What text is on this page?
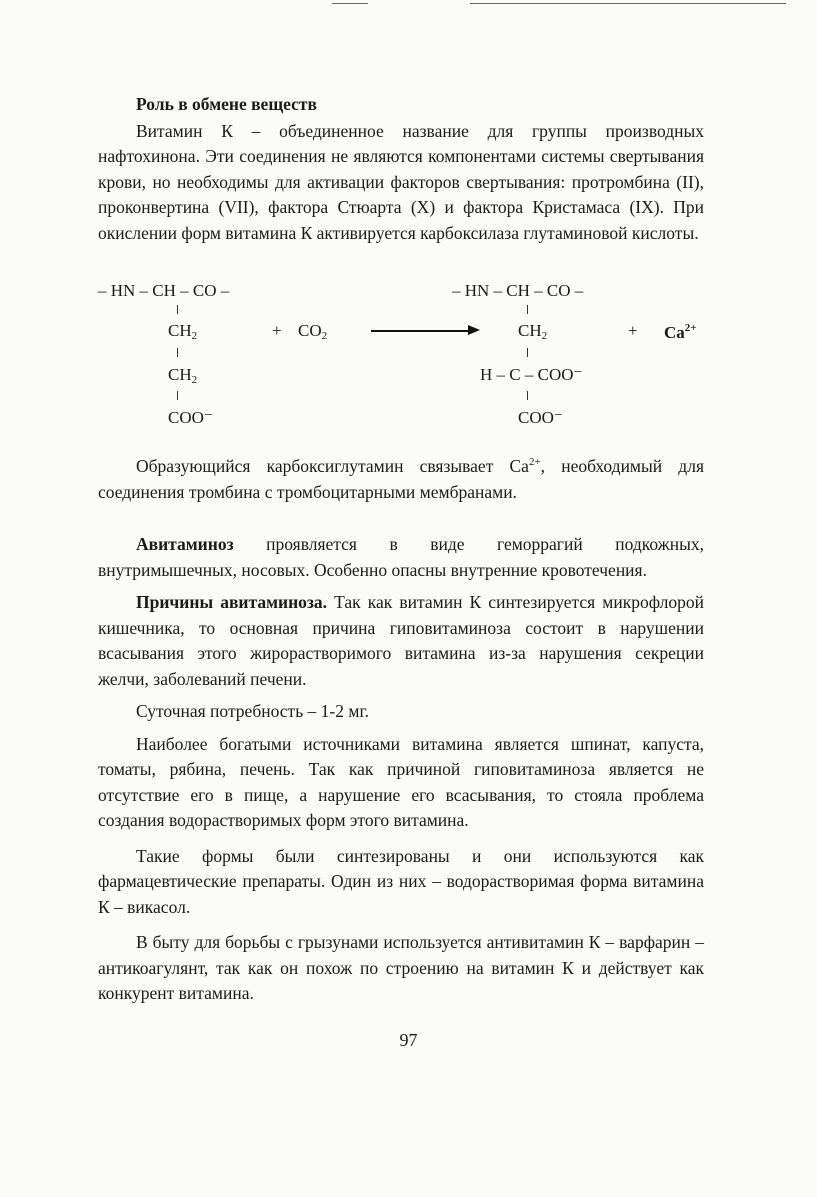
Роль в обмене веществ

Витамин К – объединенное название для группы производных нафтохинона. Эти соединения не являются компонентами системы свертывания крови, но необходимы для активации факторов свертывания: протромбина (II), проконвертина (VII), фактора Стюарта (X) и фактора Кристамаса (IX). При окислении форм витамина К активируется карбоксилаза глутаминовой кислоты.

– HN – CH – CO –
$CH_2$
$CH_2$
COO⁻
+ $CO_2$
– HN – CH – CO –
$CH_2$
H – C – COO⁻
COO⁻
+ $Ca^{2+}$

Образующийся карбоксиглутамин связывает $Ca^{2+}$, необходимый для соединения тромбина с тромбоцитарными мембранами.

Авитаминоз проявляется в виде геморрагий подкожных, внутримышечных, носовых. Особенно опасны внутренние кровотечения.

Причины авитаминоза. Так как витамин К синтезируется микрофлорой кишечника, то основная причина гиповитаминоза состоит в нарушении всасывания этого жирорастворимого витамина из-за нарушения секреции желчи, заболеваний печени.

Суточная потребность – 1-2 мг.

Наиболее богатыми источниками витамина является шпинат, капуста, томаты, рябина, печень. Так как причиной гиповитаминоза является не отсутствие его в пище, а нарушение его всасывания, то стояла проблема создания водорастворимых форм этого витамина.

Такие формы были синтезированы и они используются как фармацевтические препараты. Один из них – водорастворимая форма витамина К – викасол.

В быту для борьбы с грызунами используется антивитамин К – варфарин – антикоагулянт, так как он похож по строению на витамин К и действует как конкурент витамина.

97
